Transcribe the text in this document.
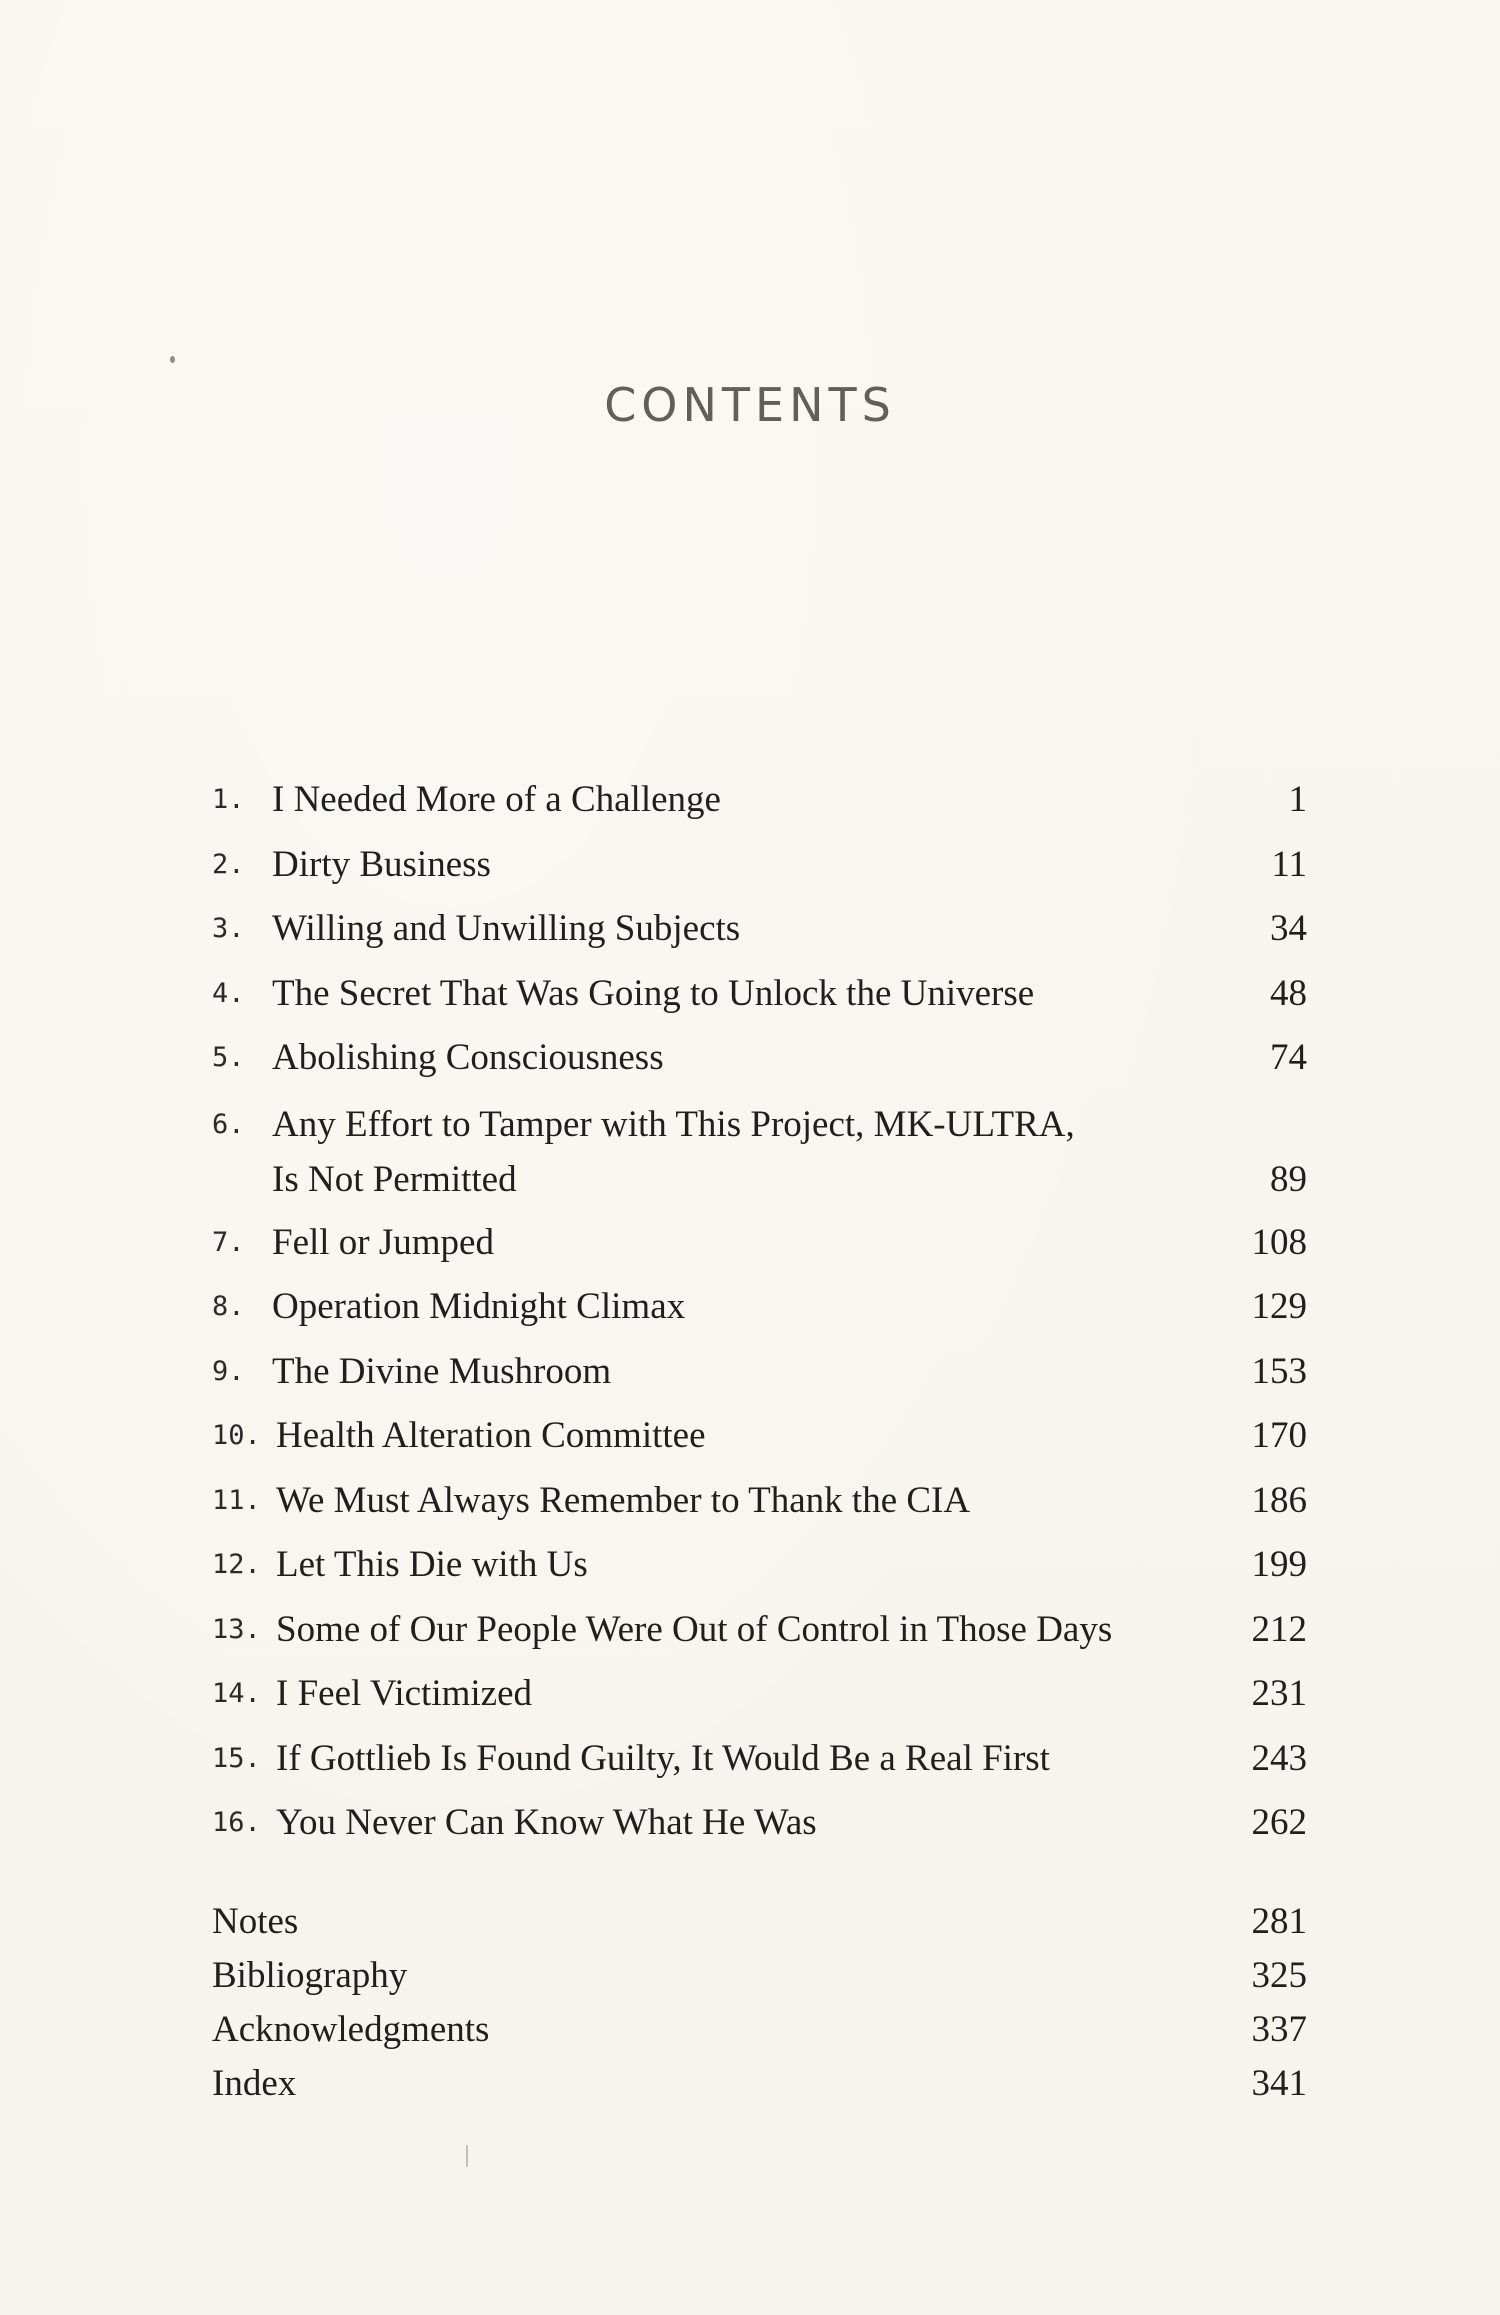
CONTENTS
1. I Needed More of a Challenge	1
2. Dirty Business	11
3. Willing and Unwilling Subjects	34
4. The Secret That Was Going to Unlock the Universe	48
5. Abolishing Consciousness	74
6. Any Effort to Tamper with This Project, MK-ULTRA,
Is Not Permitted	89
7. Fell or Jumped	108
8. Operation Midnight Climax	129
9. The Divine Mushroom	153
10. Health Alteration Committee	170
11. We Must Always Remember to Thank the CIA	186
12. Let This Die with Us	199
13. Some of Our People Were Out of Control in Those Days	212
14. I Feel Victimized	231
15. If Gottlieb Is Found Guilty, It Would Be a Real First	243
16. You Never Can Know What He Was	262
Notes	281
Bibliography	325
Acknowledgments	337
Index	341
